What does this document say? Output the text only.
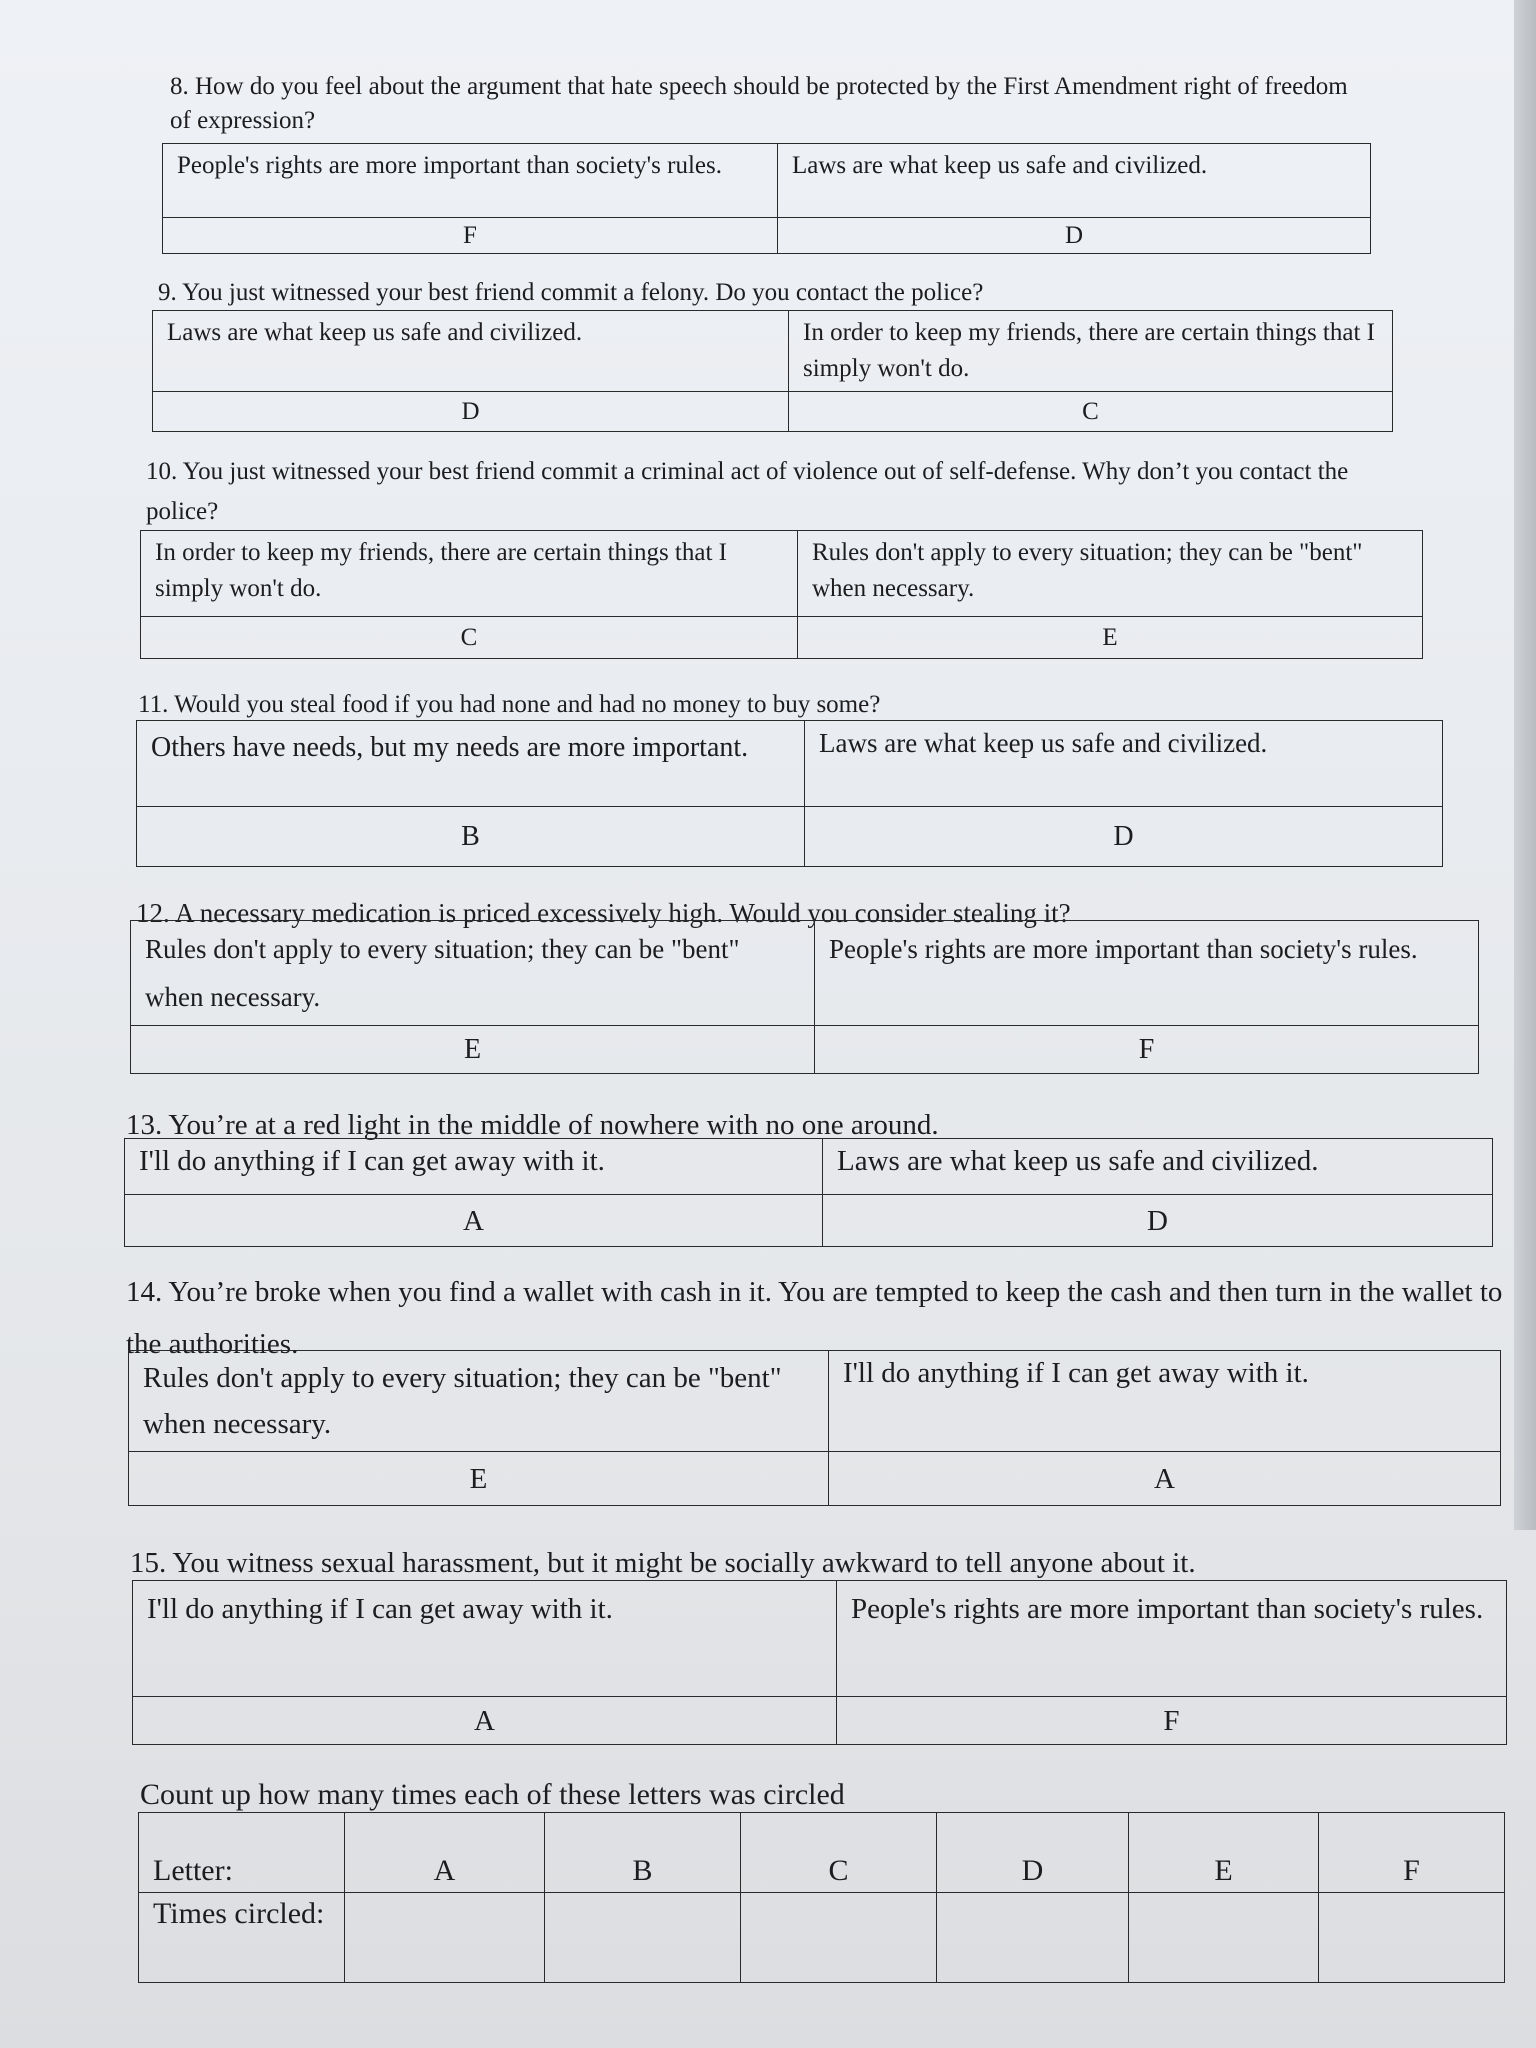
8. How do you feel about the argument that hate speech should be protected by the First Amendment right of freedom of expression?
People's rights are more important than society's rules.	Laws are what keep us safe and civilized.
F	D
9. You just witnessed your best friend commit a felony. Do you contact the police?
Laws are what keep us safe and civilized.	In order to keep my friends, there are certain things that I simply won't do.
D	C
10. You just witnessed your best friend commit a criminal act of violence out of self-defense. Why don’t you contact the police?
In order to keep my friends, there are certain things that I simply won't do.	Rules don't apply to every situation; they can be "bent" when necessary.
C	E
11. Would you steal food if you had none and had no money to buy some?
Others have needs, but my needs are more important.	Laws are what keep us safe and civilized.
B	D
12. A necessary medication is priced excessively high. Would you consider stealing it?
Rules don't apply to every situation; they can be "bent" when necessary.	People's rights are more important than society's rules.
E	F
13. You’re at a red light in the middle of nowhere with no one around.
I'll do anything if I can get away with it.	Laws are what keep us safe and civilized.
A	D
14. You’re broke when you find a wallet with cash in it. You are tempted to keep the cash and then turn in the wallet to the authorities.
Rules don't apply to every situation; they can be "bent" when necessary.	I'll do anything if I can get away with it.
E	A
15. You witness sexual harassment, but it might be socially awkward to tell anyone about it.
I'll do anything if I can get away with it.	People's rights are more important than society's rules.
A	F
Count up how many times each of these letters was circled
Letter:	A	B	C	D	E	F
Times circled:						
